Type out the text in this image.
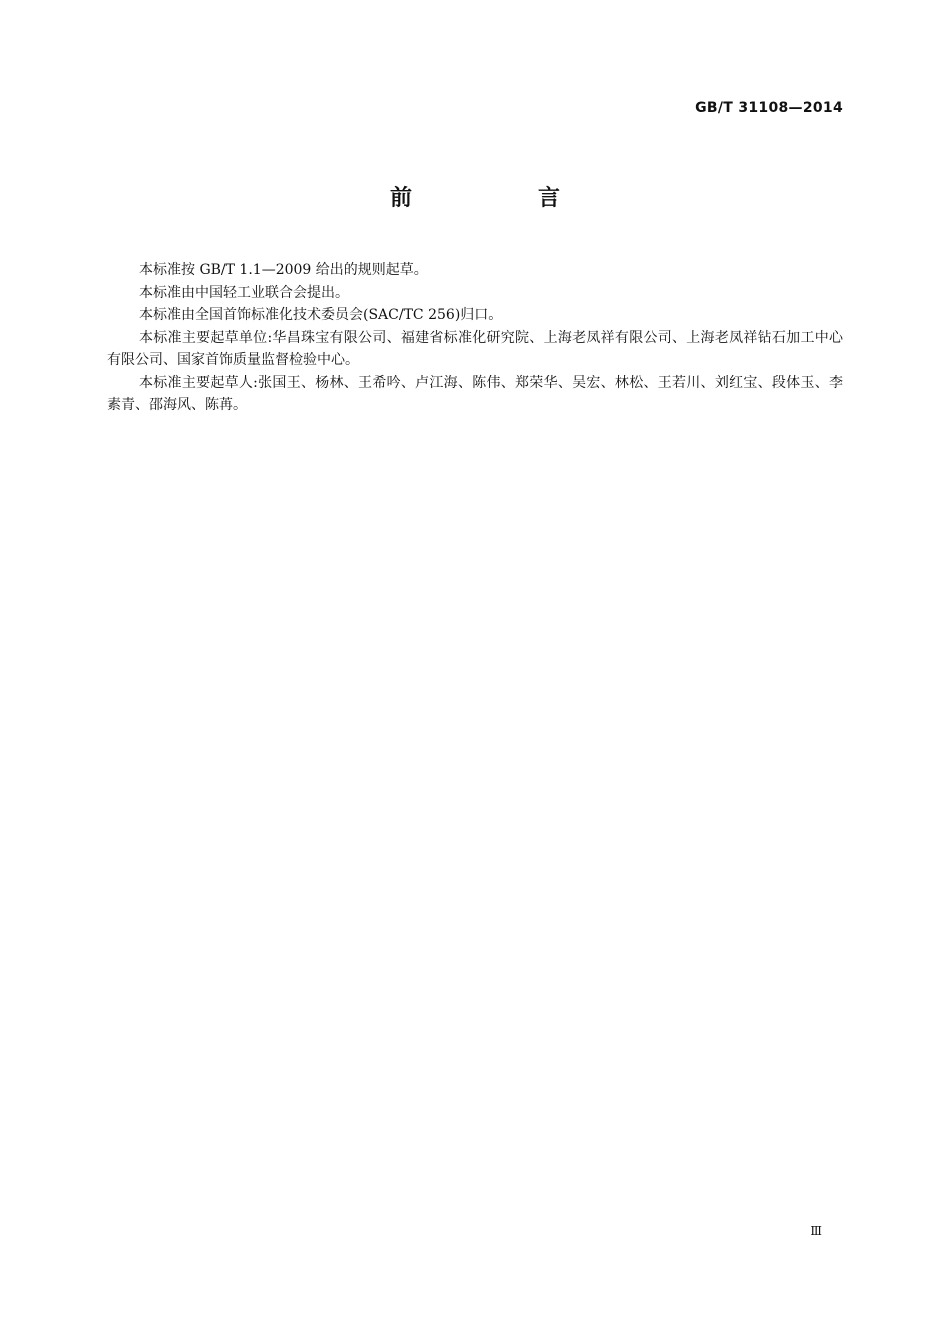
GB/T 31108—2014
前　言

本标准按 GB/T 1.1—2009 给出的规则起草。

本标准由中国轻工业联合会提出。

本标准由全国首饰标准化技术委员会(SAC/TC 256)归口。

本标准主要起草单位:华昌珠宝有限公司、福建省标准化研究院、上海老凤祥有限公司、上海老凤祥钻石加工中心有限公司、国家首饰质量监督检验中心。

本标准主要起草人:张国王、杨林、王希吟、卢江海、陈伟、郑荣华、吴宏、林松、王若川、刘红宝、段体玉、李素青、邵海风、陈苒。

Ⅲ
